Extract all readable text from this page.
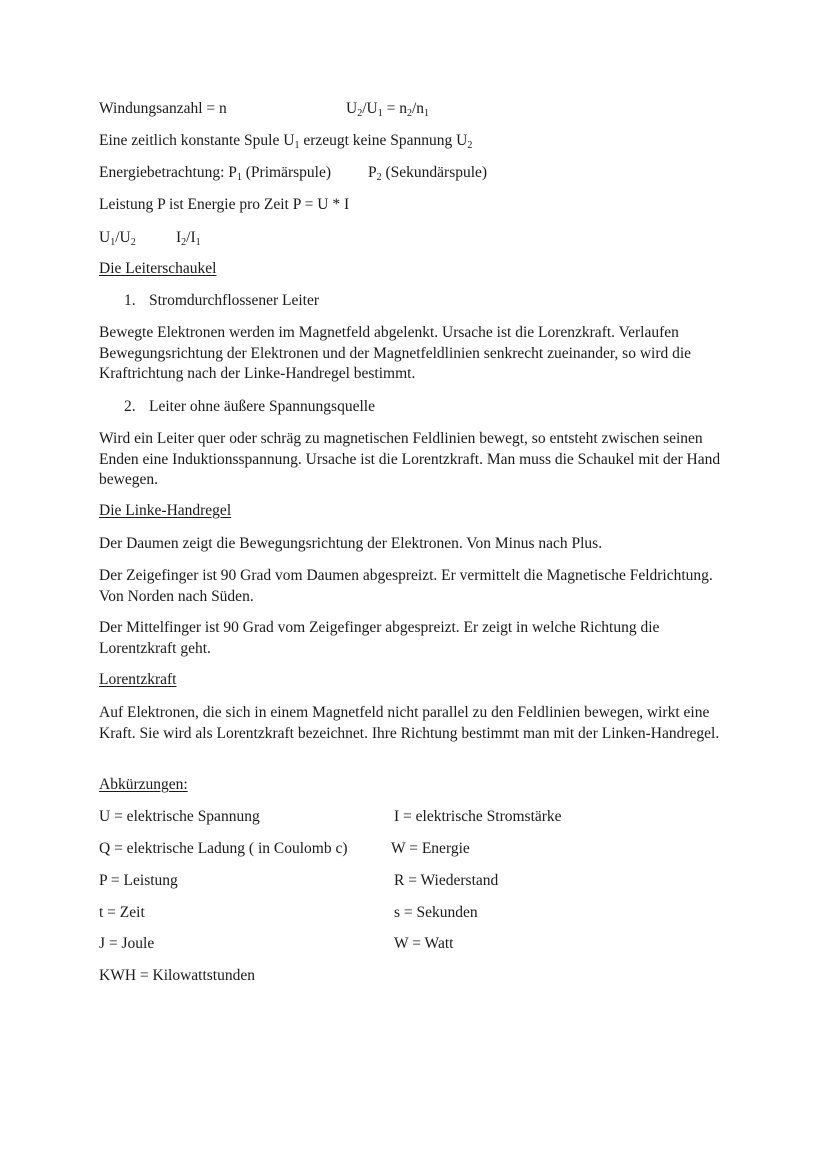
Windungsanzahl = n	$U_2/U_1 = n_2/n_1$
Eine zeitlich konstante Spule $U_1$ erzeugt keine Spannung $U_2$
Energiebetrachtung: $P_1$ (Primärspule) $P_2$ (Sekundärspule)
Leistung P ist Energie pro Zeit P = U * I
$U_1/U_2$	$I_2/I_1$
Die Leiterschaukel
1. Stromdurchflossener Leiter
Bewegte Elektronen werden im Magnetfeld abgelenkt. Ursache ist die Lorenzkraft. Verlaufen Bewegungsrichtung der Elektronen und der Magnetfeldlinien senkrecht zueinander, so wird die Kraftrichtung nach der Linke-Handregel bestimmt.
2. Leiter ohne äußere Spannungsquelle
Wird ein Leiter quer oder schräg zu magnetischen Feldlinien bewegt, so entsteht zwischen seinen Enden eine Induktionsspannung. Ursache ist die Lorentzkraft. Man muss die Schaukel mit der Hand bewegen.
Die Linke-Handregel
Der Daumen zeigt die Bewegungsrichtung der Elektronen. Von Minus nach Plus.
Der Zeigefinger ist 90 Grad vom Daumen abgespreizt. Er vermittelt die Magnetische Feldrichtung. Von Norden nach Süden.
Der Mittelfinger ist 90 Grad vom Zeigefinger abgespreizt. Er zeigt in welche Richtung die Lorentzkraft geht.
Lorentzkraft
Auf Elektronen, die sich in einem Magnetfeld nicht parallel zu den Feldlinien bewegen, wirkt eine Kraft. Sie wird als Lorentzkraft bezeichnet. Ihre Richtung bestimmt man mit der Linken-Handregel.
Abkürzungen:
U = elektrische Spannung	I = elektrische Stromstärke
Q = elektrische Ladung ( in Coulomb c)	W = Energie
P = Leistung	R = Wiederstand
t = Zeit	s = Sekunden
J = Joule	W = Watt
KWH = Kilowattstunden
